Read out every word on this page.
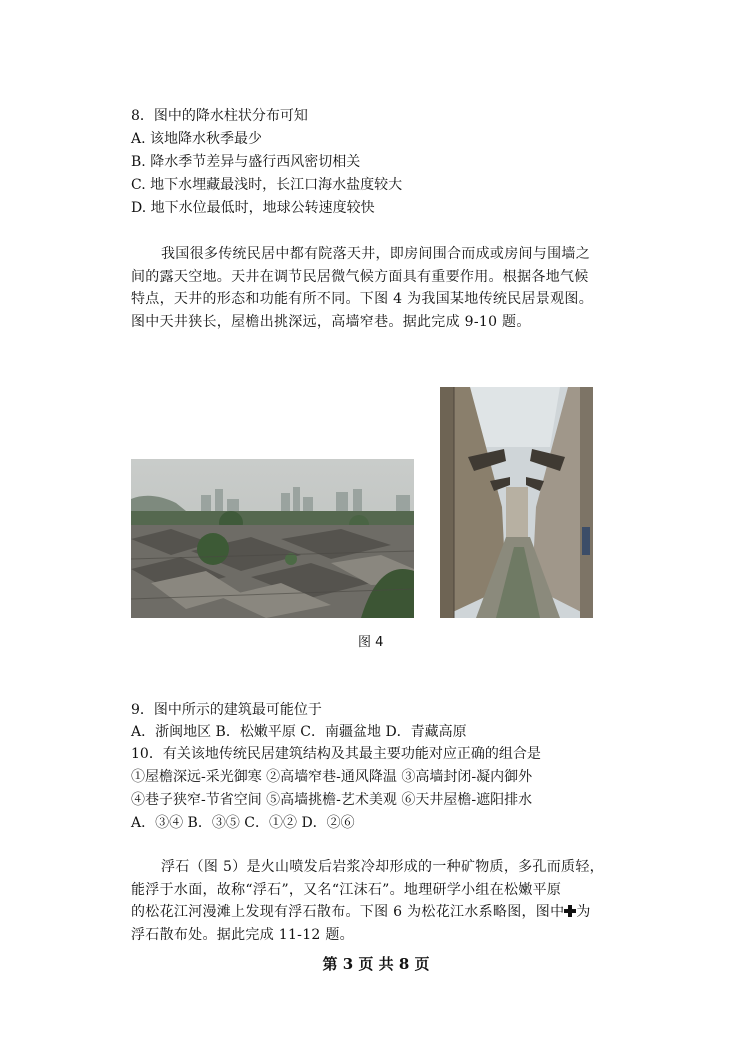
8．图中的降水柱状分布可知
A. 该地降水秋季最少
B. 降水季节差异与盛行西风密切相关
C. 地下水埋藏最浅时，长江口海水盐度较大
D. 地下水位最低时，地球公转速度较快
我国很多传统民居中都有院落天井，即房间围合而成或房间与围墙之
间的露天空地。天井在调节民居微气候方面具有重要作用。根据各地气候
特点，天井的形态和功能有所不同。下图 4 为我国某地传统民居景观图。
图中天井狭长，屋檐出挑深远，高墙窄巷。据此完成 9-10 题。
图 4
9．图中所示的建筑最可能位于
A．浙闽地区 B．松嫩平原 C．南疆盆地 D．青藏高原
10．有关该地传统民居建筑结构及其最主要功能对应正确的组合是
①屋檐深远-采光御寒 ②高墙窄巷-通风降温 ③高墙封闭-凝内御外
④巷子狭窄-节省空间 ⑤高墙挑檐-艺术美观 ⑥天井屋檐-遮阳排水
A．③④ B．③⑤ C．①② D．②⑥
浮石（图 5）是火山喷发后岩浆冷却形成的一种矿物质，多孔而质轻，
能浮于水面，故称“浮石”，又名“江沫石”。地理研学小组在松嫩平原
的松花江河漫滩上发现有浮石散布。下图 6 为松花江水系略图，图中 为
浮石散布处。据此完成 11-12 题。
第 3 页 共 8 页
